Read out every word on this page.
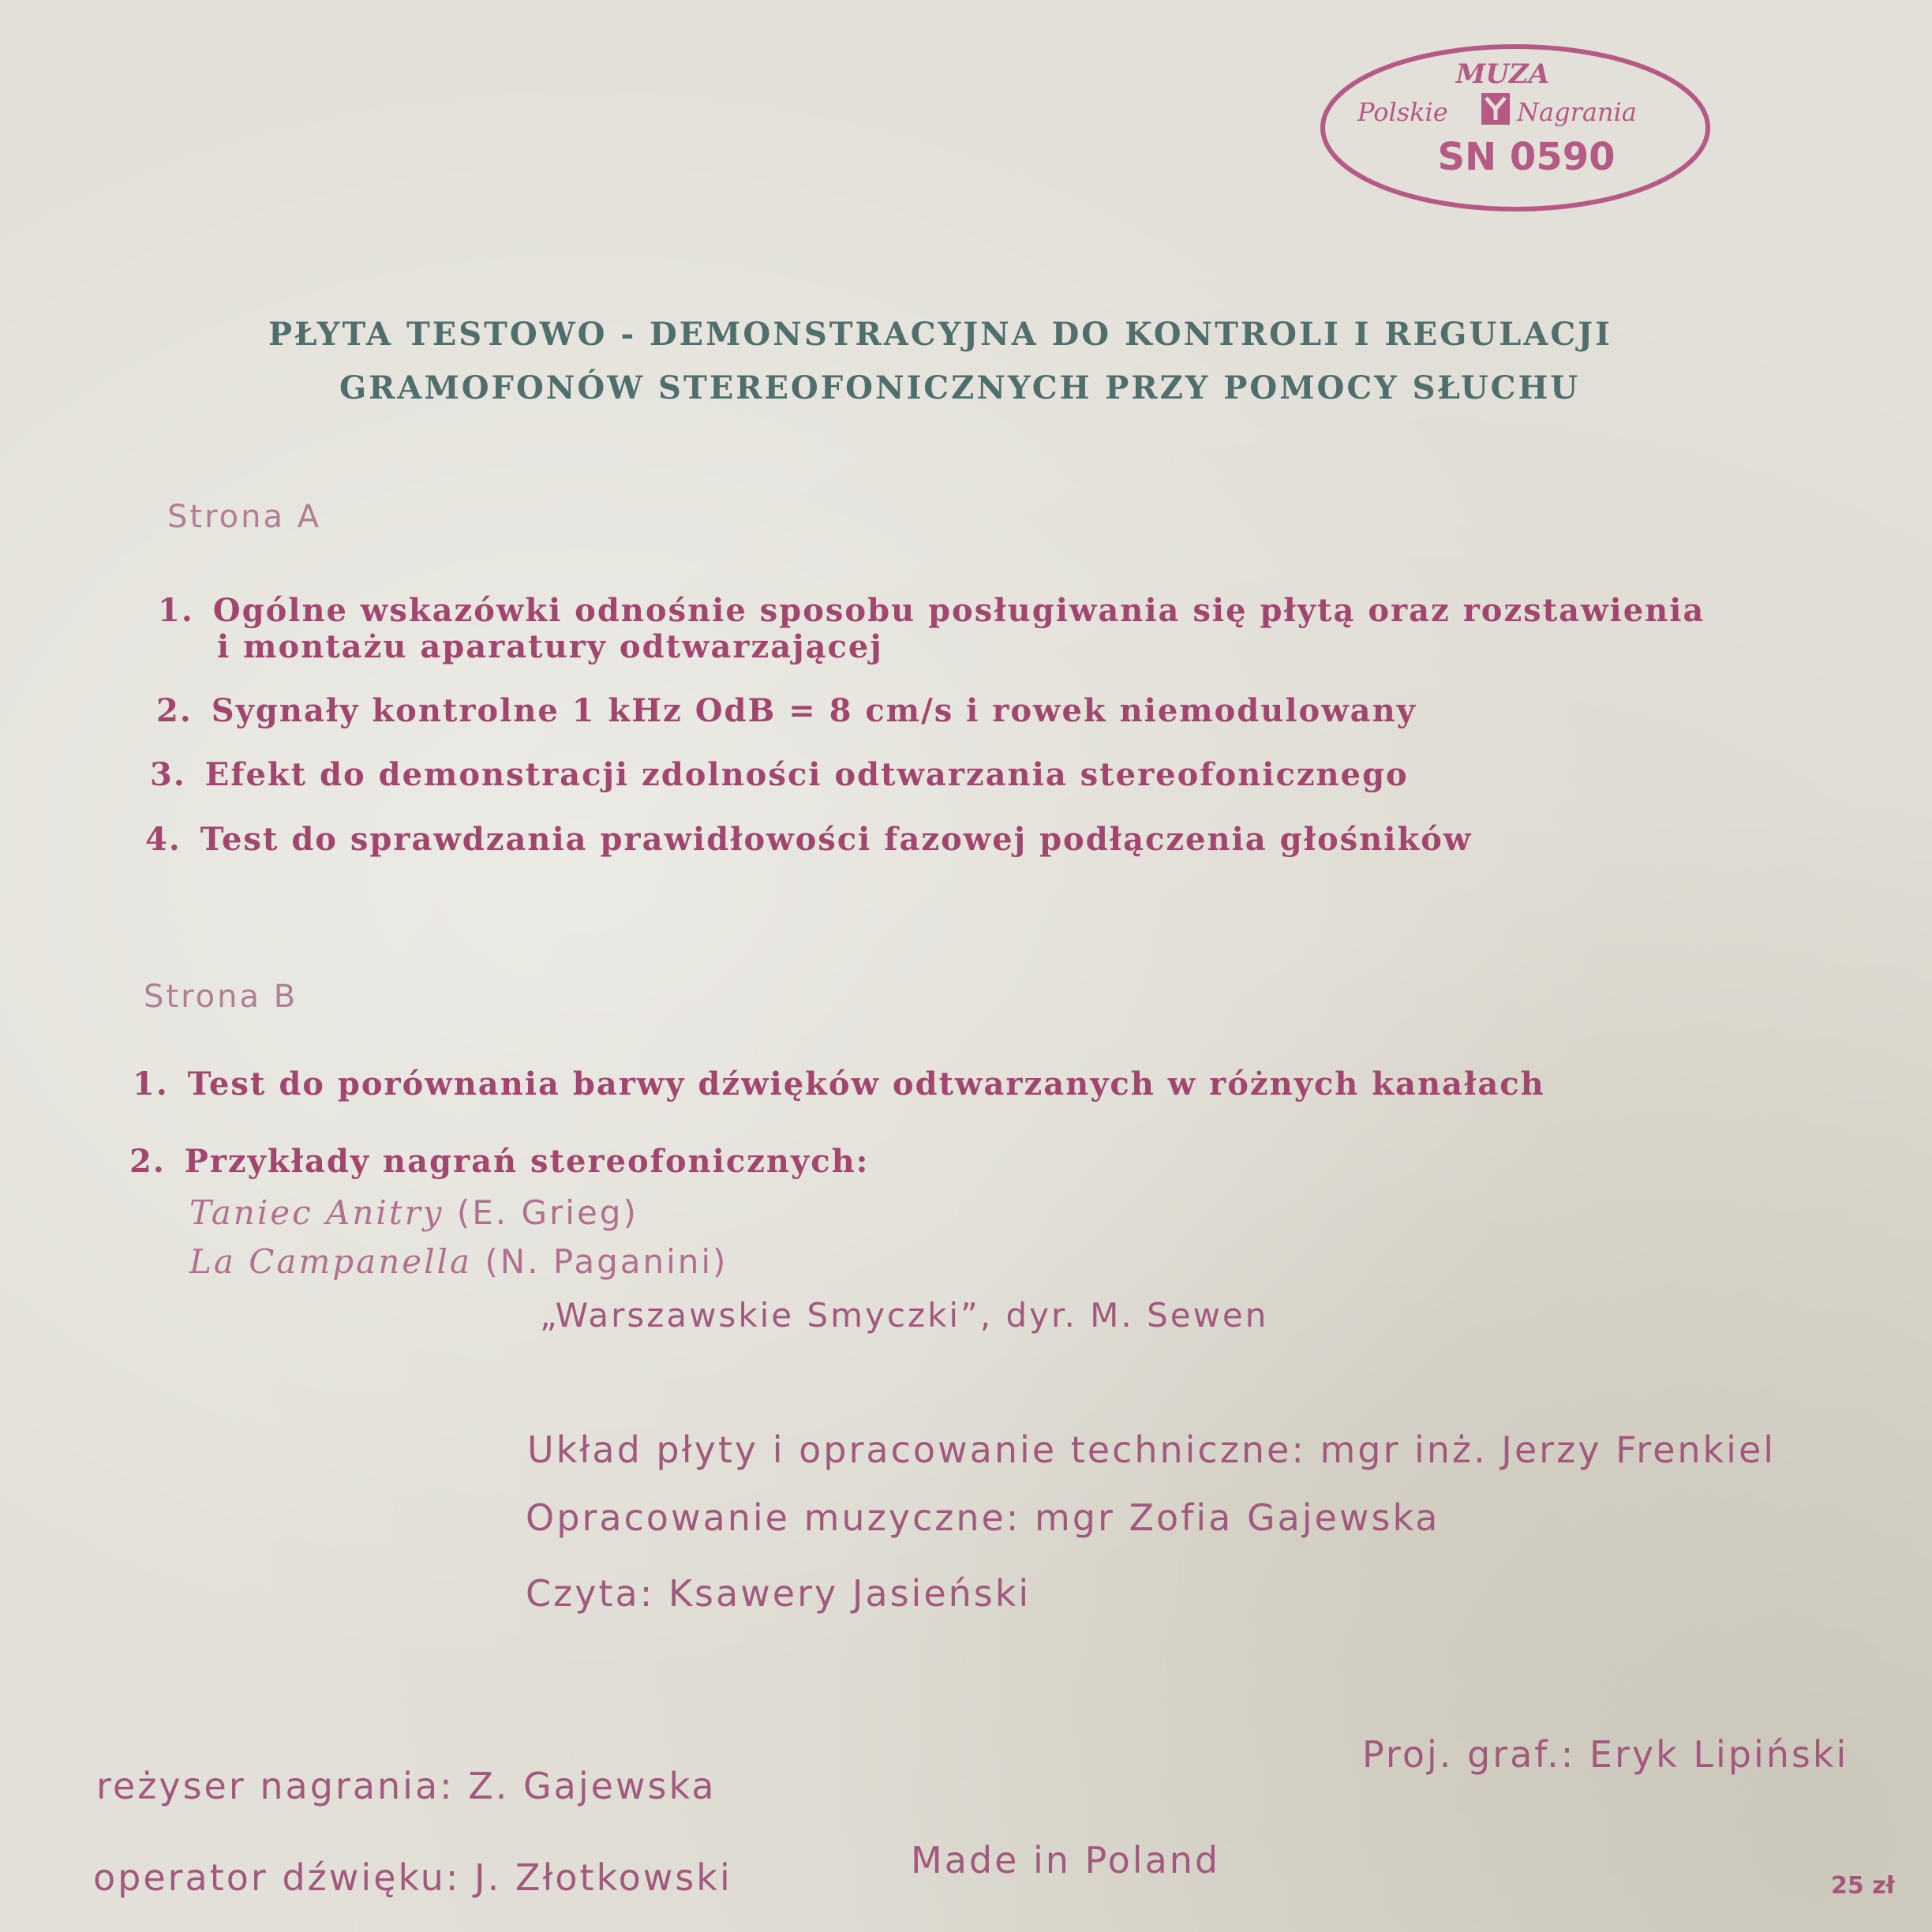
MUZA
Polskie	Nagrania
SN 0590
PŁYTA TESTOWO - DEMONSTRACYJNA DO KONTROLI I REGULACJI
GRAMOFONÓW STEREOFONICZNYCH PRZY POMOCY SŁUCHU
Strona A
1. Ogólne wskazówki odnośnie sposobu posługiwania się płytą oraz rozstawienia
i montażu aparatury odtwarzającej
2. Sygnały kontrolne 1 kHz OdB = 8 cm/s i rowek niemodulowany
3. Efekt do demonstracji zdolności odtwarzania stereofonicznego
4. Test do sprawdzania prawidłowości fazowej podłączenia głośników
Strona B
1. Test do porównania barwy dźwięków odtwarzanych w różnych kanałach
2. Przykłady nagrań stereofonicznych:
Taniec Anitry (E. Grieg)
La Campanella (N. Paganini)
„Warszawskie Smyczki”, dyr. M. Sewen
Układ płyty i opracowanie techniczne: mgr inż. Jerzy Frenkiel
Opracowanie muzyczne: mgr Zofia Gajewska
Czyta: Ksawery Jasieński
Proj. graf.: Eryk Lipiński
reżyser nagrania: Z. Gajewska
operator dźwięku: J. Złotkowski	Made in Poland
25 zł
